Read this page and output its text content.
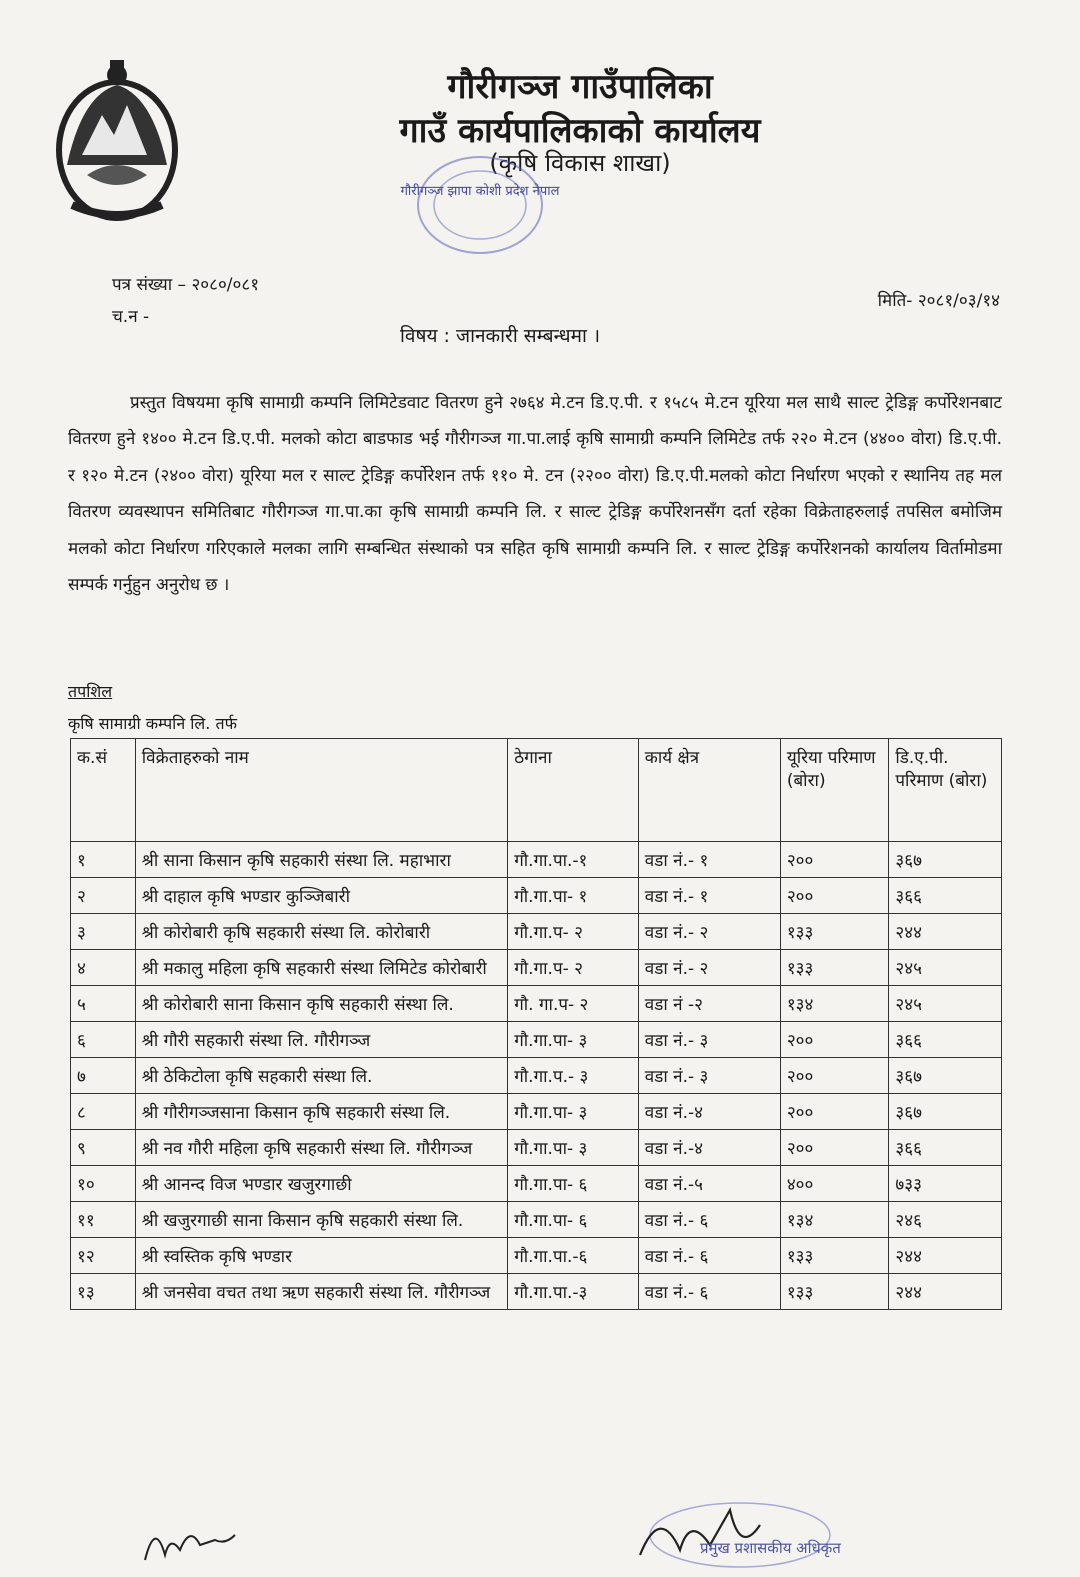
गौरीगञ्ज गाउँपालिका
गाउँ कार्यपालिकाको कार्यालय
(कृषि विकास शाखा)
गौरीगञ्ज झापा कोशी प्रदेश नेपाल
पत्र संख्या – २०८०/०८१
च.न -
मिति- २०८१/०३/१४
विषय : जानकारी सम्बन्धमा ।
प्रस्तुत विषयमा कृषि सामाग्री कम्पनि लिमिटेडवाट वितरण हुने २७६४ मे.टन डि.ए.पी. र १५८५ मे.टन यूरिया मल साथै साल्ट ट्रेडिङ्ग कर्पोरेशनबाट वितरण हुने १४०० मे.टन डि.ए.पी. मलको कोटा बाडफाड भई गौरीगञ्ज गा.पा.लाई कृषि सामाग्री कम्पनि लिमिटेड तर्फ २२० मे.टन (४४०० वोरा) डि.ए.पी. र १२० मे.टन (२४०० वोरा) यूरिया मल र साल्ट ट्रेडिङ्ग कर्पोरेशन तर्फ ११० मे. टन (२२०० वोरा) डि.ए.पी.मलको कोटा निर्धारण भएको र स्थानिय तह मल वितरण व्यवस्थापन समितिबाट गौरीगञ्ज गा.पा.का कृषि सामाग्री कम्पनि लि. र साल्ट ट्रेडिङ्ग कर्पोरेशनसँग दर्ता रहेका विक्रेताहरुलाई तपसिल बमोजिम मलको कोटा निर्धारण गरिएकाले मलका लागि सम्बन्धित संस्थाको पत्र सहित कृषि सामाग्री कम्पनि लि. र साल्ट ट्रेडिङ्ग कर्पोरेशनको कार्यालय विर्तामोडमा सम्पर्क गर्नुहुन अनुरोध छ ।
तपशिल
कृषि सामाग्री कम्पनि लि. तर्फ
क.सं	विक्रेताहरुको नाम	ठेगाना	कार्य क्षेत्र	यूरिया परिमाण (बोरा)	डि.ए.पी. परिमाण (बोरा)
१	श्री साना किसान कृषि सहकारी संस्था लि. महाभारा	गौ.गा.पा.-१	वडा नं.- १	२००	३६७
२	श्री दाहाल कृषि भण्डार कुञ्जिबारी	गौ.गा.पा- १	वडा नं.- १	२००	३६६
३	श्री कोरोबारी कृषि सहकारी संस्था लि. कोरोबारी	गौ.गा.प- २	वडा नं.- २	१३३	२४४
४	श्री मकालु महिला कृषि सहकारी संस्था लिमिटेड कोरोबारी	गौ.गा.प- २	वडा नं.- २	१३३	२४५
५	श्री कोरोबारी साना किसान कृषि सहकारी संस्था लि.	गौ. गा.प- २	वडा नं -२	१३४	२४५
६	श्री गौरी सहकारी संस्था लि. गौरीगञ्ज	गौ.गा.पा- ३	वडा नं.- ३	२००	३६६
७	श्री ठेकिटोला कृषि सहकारी संस्था लि.	गौ.गा.प.- ३	वडा नं.- ३	२००	३६७
८	श्री गौरीगञ्जसाना किसान कृषि सहकारी संस्था लि.	गौ.गा.पा- ३	वडा नं.-४	२००	३६७
९	श्री नव गौरी महिला कृषि सहकारी संस्था लि. गौरीगञ्ज	गौ.गा.पा- ३	वडा नं.-४	२००	३६६
१०	श्री आनन्द विज भण्डार खजुरगाछी	गौ.गा.पा- ६	वडा नं.-५	४००	७३३
११	श्री खजुरगाछी साना किसान कृषि सहकारी संस्था लि.	गौ.गा.पा- ६	वडा नं.- ६	१३४	२४६
१२	श्री स्वस्तिक कृषि भण्डार	गौ.गा.पा.-६	वडा नं.- ६	१३३	२४४
१३	श्री जनसेवा वचत तथा ऋण सहकारी संस्था लि. गौरीगञ्ज	गौ.गा.पा.-३	वडा नं.- ६	१३३	२४४
प्रमुख प्रशासकीय अधिकृत
